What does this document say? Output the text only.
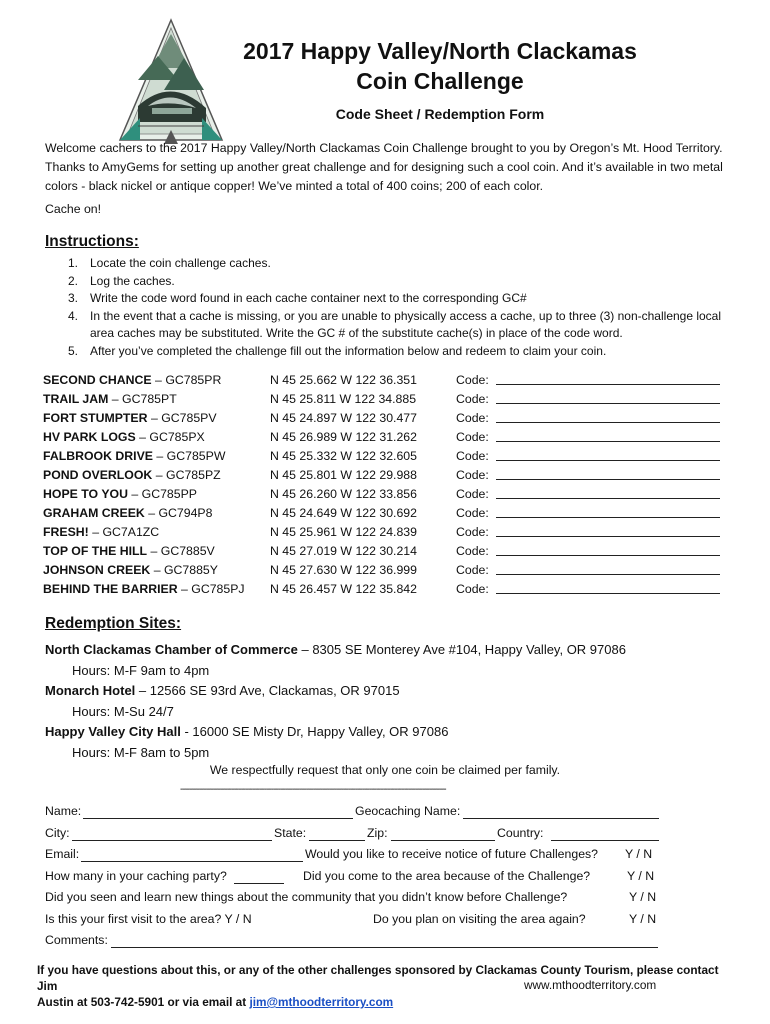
2017 Happy Valley/North Clackamas
Coin Challenge
Code Sheet / Redemption Form

Welcome cachers to the 2017 Happy Valley/North Clackamas Coin Challenge brought to you by Oregon’s Mt. Hood Territory. Thanks to AmyGems for setting up another great challenge and for designing such a cool coin. And it’s available in two metal colors - black nickel or antique copper! We’ve minted a total of 400 coins; 200 of each color.

Cache on!

Instructions:
1. Locate the coin challenge caches.
2. Log the caches.
3. Write the code word found in each cache container next to the corresponding GC#
4. In the event that a cache is missing, or you are unable to physically access a cache, up to three (3) non-challenge local area caches may be substituted. Write the GC # of the substitute cache(s) in place of the code word.
5. After you’ve completed the challenge fill out the information below and redeem to claim your coin.
SECOND CHANCE – GC785PR	N 45 25.662 W 122 36.351	Code:
TRAIL JAM – GC785PT	N 45 25.811 W 122 34.885	Code:
FORT STUMPTER – GC785PV	N 45 24.897 W 122 30.477	Code:
HV PARK LOGS – GC785PX	N 45 26.989 W 122 31.262	Code:
FALBROOK DRIVE – GC785PW	N 45 25.332 W 122 32.605	Code:
POND OVERLOOK – GC785PZ	N 45 25.801 W 122 29.988	Code:
HOPE TO YOU – GC785PP	N 45 26.260 W 122 33.856	Code:
GRAHAM CREEK – GC794P8	N 45 24.649 W 122 30.692	Code:
FRESH! – GC7A1ZC	N 45 25.961 W 122 24.839	Code:
TOP OF THE HILL – GC7885V	N 45 27.019 W 122 30.214	Code:
JOHNSON CREEK – GC7885Y	N 45 27.630 W 122 36.999	Code:
BEHIND THE BARRIER – GC785PJ N 45 26.457 W 122 35.842	Code:
Redemption Sites:
North Clackamas Chamber of Commerce – 8305 SE Monterey Ave #104, Happy Valley, OR 97086
Hours: M-F 9am to 4pm
Monarch Hotel – 12566 SE 93rd Ave, Clackamas, OR 97015
Hours: M-Su 24/7
Happy Valley City Hall - 16000 SE Misty Dr, Happy Valley, OR 97086
Hours: M-F 8am to 5pm
We respectfully request that only one coin be claimed per family.
------------------------------------------------------------------------------------------------------------------
Name:	Geocaching Name:
City:	State:	Zip:	Country:
Email:	Would you like to receive notice of future Challenges? Y / N
How many in your caching party?	Did you come to the area because of the Challenge?	Y / N
Did you seen and learn new things about the community that you didn’t know before Challenge?	Y / N
Is this your first visit to the area? Y / N	Do you plan on visiting the area again?	Y / N
Comments:
If you have questions about this, or any of the other challenges sponsored by Clackamas County Tourism, please contact Jim
Austin at 503-742-5901 or via email at jim@mthoodterritory.com
www.mthoodterritory.com
